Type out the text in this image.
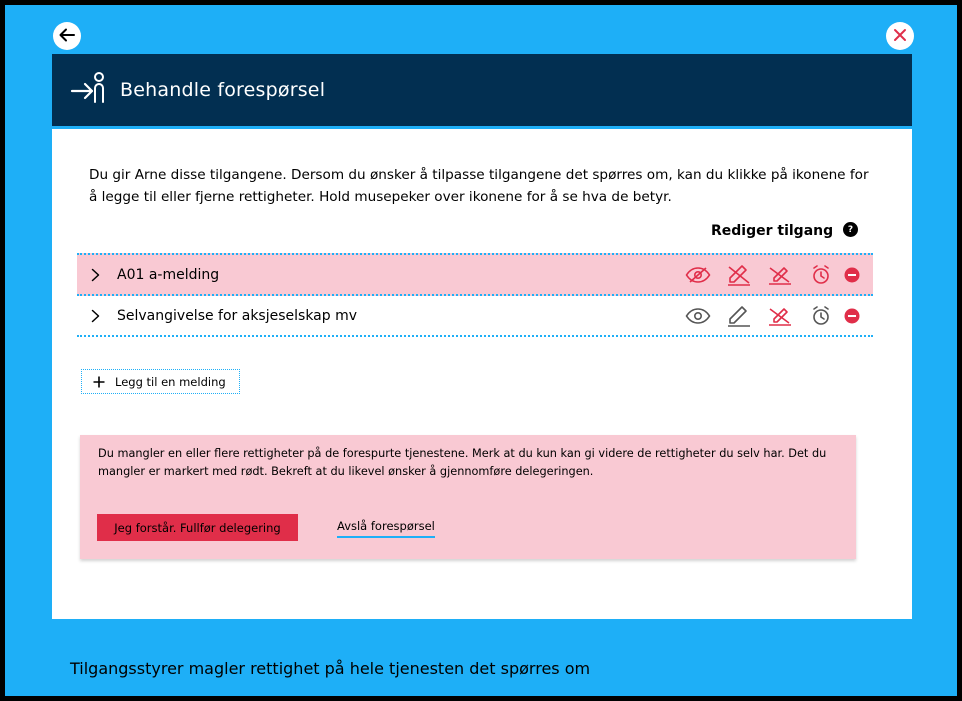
Behandle forespørsel
Du gir Arne disse tilgangene. Dersom du ønsker å tilpasse tilgangene det spørres om, kan du klikke på ikonene for å legge til eller fjerne rettigheter. Hold musepeker over ikonene for å se hva de betyr.
Rediger tilgang	?
A01 a-melding
Selvangivelse for aksjeselskap mv
Legg til en melding
Du mangler en eller flere rettigheter på de forespurte tjenestene. Merk at du kun kan gi videre de rettigheter du selv har. Det du mangler er markert med rødt. Bekreft at du likevel ønsker å gjennomføre delegeringen.
Jeg forstår. Fullfør delegering	Avslå forespørsel
Tilgangsstyrer magler rettighet på hele tjenesten det spørres om
